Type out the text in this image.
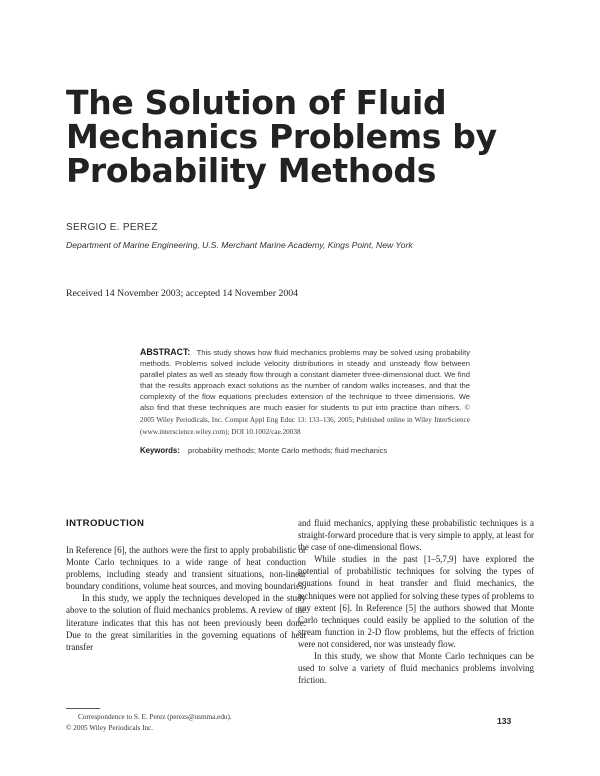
The Solution of Fluid
Mechanics Problems by
Probability Methods
SERGIO E. PEREZ
Department of Marine Engineering, U.S. Merchant Marine Academy, Kings Point, New York
Received 14 November 2003; accepted 14 November 2004
ABSTRACT: This study shows how fluid mechanics problems may be solved using probability methods. Problems solved include velocity distributions in steady and unsteady flow between parallel plates as well as steady flow through a constant diameter three-dimensional duct. We find that the results approach exact solutions as the number of random walks increases, and that the complexity of the flow equations precludes extension of the technique to three dimensions. We also find that these techniques are much easier for students to put into practice than others. © 2005 Wiley Periodicals, Inc. Comput Appl Eng Educ 13: 133–136, 2005; Published online in Wiley InterScience (www.interscience.wiley.com); DOI 10.1002/cae.20038
Keywords: probability methods; Monte Carlo methods; fluid mechanics
INTRODUCTION

In Reference [6], the authors were the first to apply probabilistic or Monte Carlo techniques to a wide range of heat conduction problems, including steady and transient situations, non-linear boundary conditions, volume heat sources, and moving boundaries.

In this study, we apply the techniques developed in the study above to the solution of fluid mechanics problems. A review of the literature indicates that this has not been previously been done. Due to the great similarities in the governing equations of heat transfer

and fluid mechanics, applying these probabilistic techniques is a straight-forward procedure that is very simple to apply, at least for the case of one-dimensional flows.

While studies in the past [1–5,7,9] have explored the potential of probabilistic techniques for solving the types of equations found in heat transfer and fluid mechanics, the techniques were not applied for solving these types of problems to any extent [6]. In Reference [5] the authors showed that Monte Carlo techniques could easily be applied to the solution of the stream function in 2-D flow problems, but the effects of friction were not considered, nor was unsteady flow.

In this study, we show that Monte Carlo techniques can be used to solve a variety of fluid mechanics problems involving friction.

Correspondence to S. E. Perez (perezs@usmma.edu).
© 2005 Wiley Periodicals Inc.
133
